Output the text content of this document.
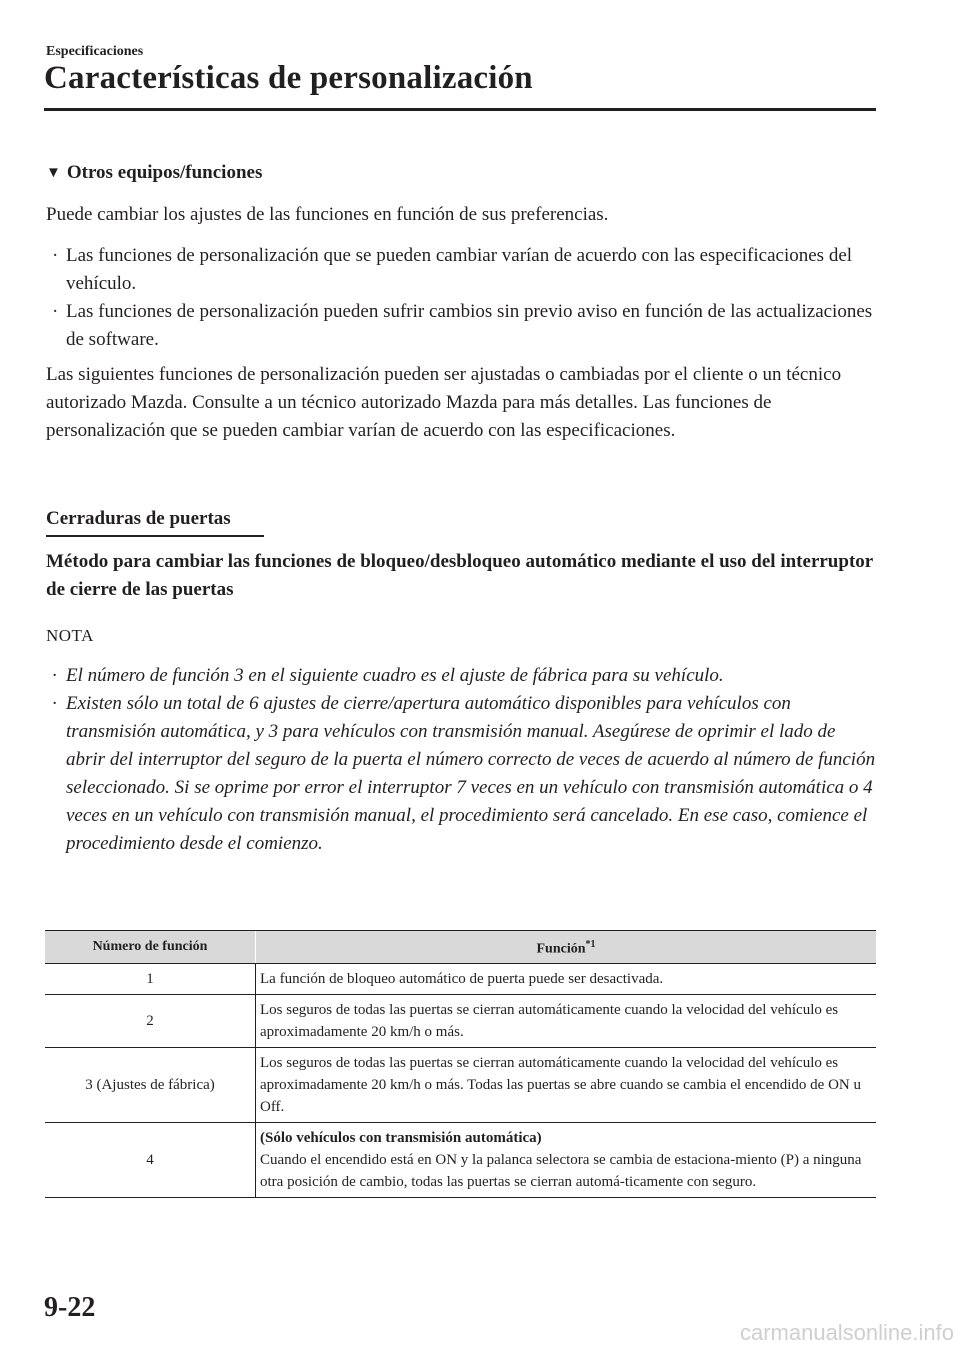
Especificaciones
Características de personalización
▼ Otros equipos/funciones
Puede cambiar los ajustes de las funciones en función de sus preferencias.
· Las funciones de personalización que se pueden cambiar varían de acuerdo con las especificaciones del vehículo.
· Las funciones de personalización pueden sufrir cambios sin previo aviso en función de las actualizaciones de software.
Las siguientes funciones de personalización pueden ser ajustadas o cambiadas por el cliente o un técnico autorizado Mazda. Consulte a un técnico autorizado Mazda para más detalles. Las funciones de personalización que se pueden cambiar varían de acuerdo con las especificaciones.
Cerraduras de puertas
Método para cambiar las funciones de bloqueo/desbloqueo automático mediante el uso del interruptor de cierre de las puertas
NOTA
· El número de función 3 en el siguiente cuadro es el ajuste de fábrica para su vehículo.
· Existen sólo un total de 6 ajustes de cierre/apertura automático disponibles para vehículos con transmisión automática, y 3 para vehículos con transmisión manual. Asegúrese de oprimir el lado de abrir del interruptor del seguro de la puerta el número correcto de veces de acuerdo al número de función seleccionado. Si se oprime por error el interruptor 7 veces en un vehículo con transmisión automática o 4 veces en un vehículo con transmisión manual, el procedimiento será cancelado. En ese caso, comience el procedimiento desde el comienzo.
Número de función	Función$^{*1}$
1	La función de bloqueo automático de puerta puede ser desactivada.
2	Los seguros de todas las puertas se cierran automáticamente cuando la velocidad del vehículo es aproximadamente 20 km/h o más.
3 (Ajustes de fábrica)	Los seguros de todas las puertas se cierran automáticamente cuando la velocidad del vehículo es aproximadamente 20 km/h o más. Todas las puertas se abre cuando se cambia el encendido de ON u Off.
4	(Sólo vehículos con transmisión automática)
Cuando el encendido está en ON y la palanca selectora se cambia de estaciona-miento (P) a ninguna otra posición de cambio, todas las puertas se cierran automá-ticamente con seguro.
9-22
carmanualsonline.info
